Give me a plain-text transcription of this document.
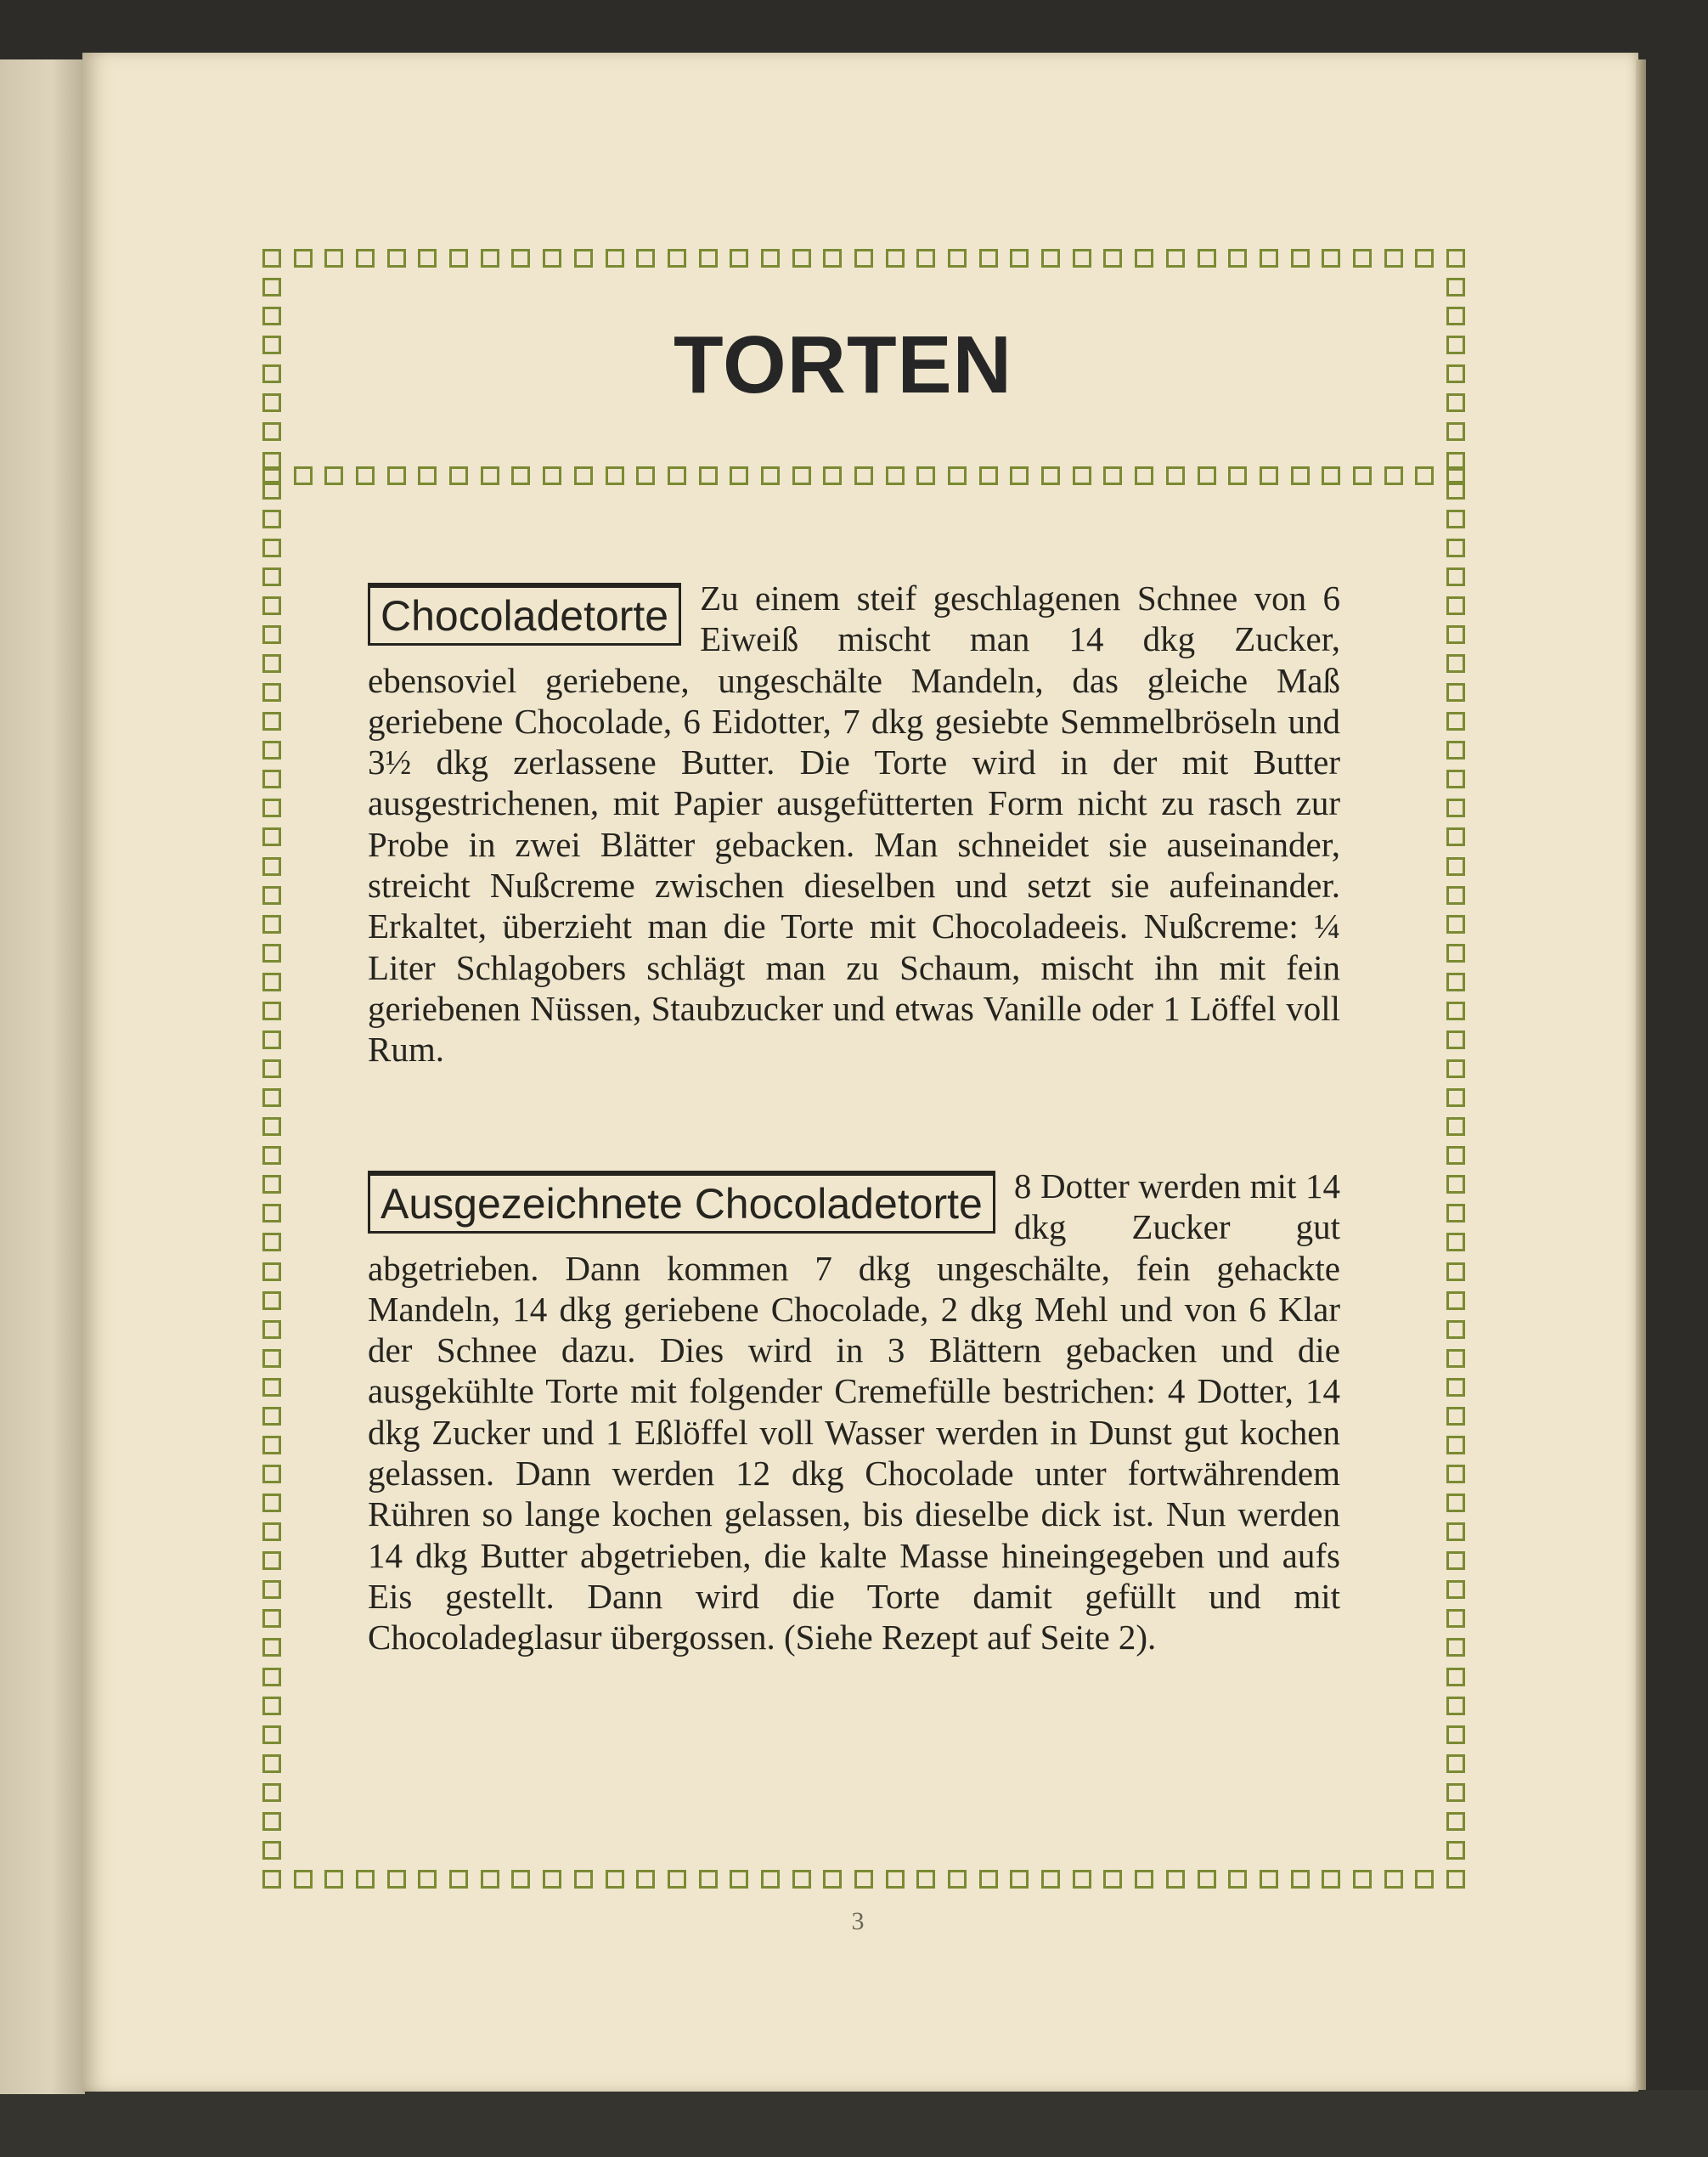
TORTEN

Chocoladetorte Zu einem steif geschlagenen Schnee von 6 Eiweiß mischt man 14 dkg Zucker, ebensoviel geriebene, ungeschälte Mandeln, das gleiche Maß geriebene Chocolade, 6 Eidotter, 7 dkg gesiebte Semmelbröseln und 3½ dkg zerlassene Butter. Die Torte wird in der mit Butter ausgestrichenen, mit Papier ausgefütterten Form nicht zu rasch zur Probe in zwei Blätter gebacken. Man schneidet sie auseinander, streicht Nußcreme zwischen dieselben und setzt sie aufeinander. Erkaltet, überzieht man die Torte mit Chocoladeeis. Nußcreme: ¼ Liter Schlagobers schlägt man zu Schaum, mischt ihn mit fein geriebenen Nüssen, Staubzucker und etwas Vanille oder 1 Löffel voll Rum.

Ausgezeichnete Chocoladetorte 8 Dotter werden mit 14 dkg Zucker gut abgetrieben. Dann kommen 7 dkg ungeschälte, fein gehackte Mandeln, 14 dkg geriebene Chocolade, 2 dkg Mehl und von 6 Klar der Schnee dazu. Dies wird in 3 Blättern gebacken und die ausgekühlte Torte mit folgender Cremefülle bestrichen: 4 Dotter, 14 dkg Zucker und 1 Eßlöffel voll Wasser werden in Dunst gut kochen gelassen. Dann werden 12 dkg Chocolade unter fortwährendem Rühren so lange kochen gelassen, bis dieselbe dick ist. Nun werden 14 dkg Butter abgetrieben, die kalte Masse hineingegeben und aufs Eis gestellt. Dann wird die Torte damit gefüllt und mit Chocoladeglasur übergossen. (Siehe Rezept auf Seite 2).

3
